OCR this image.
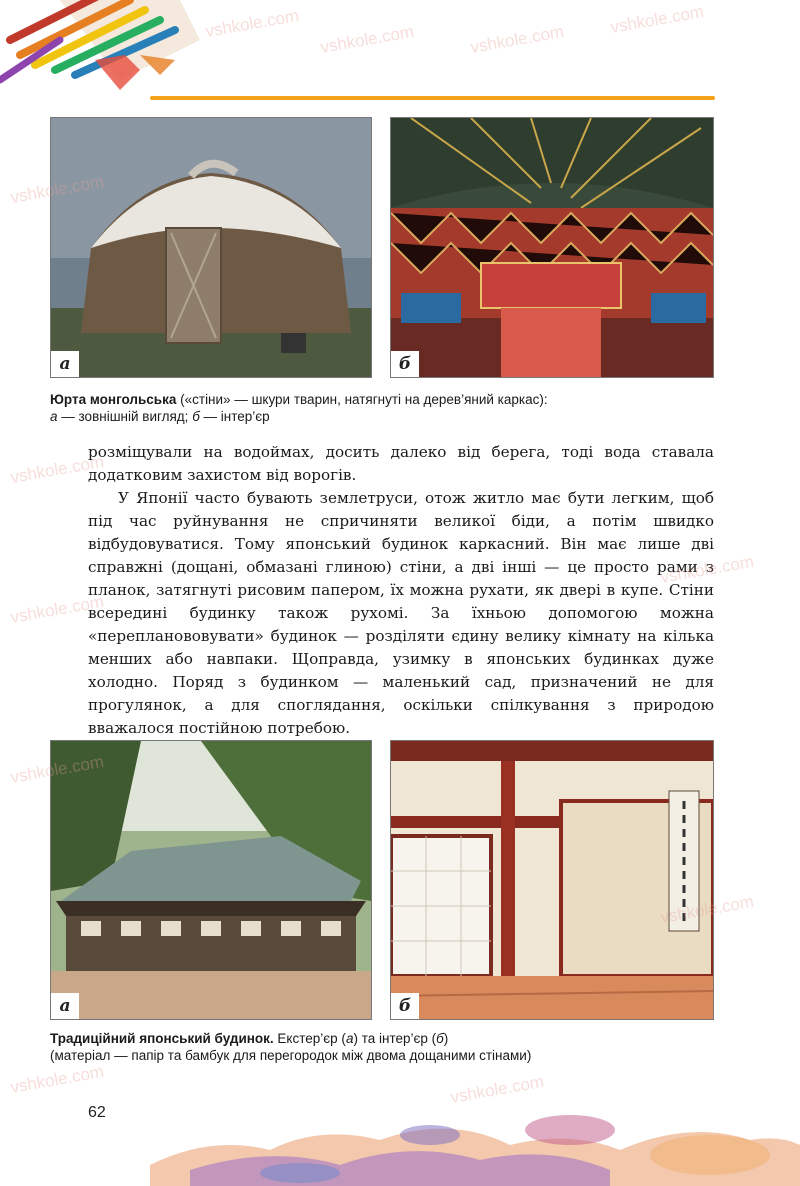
а	б
Юрта монгольська («стіни» — шкури тварин, натягнуті на дерев’яний каркас):
а — зовнішній вигляд; б — інтер’єр

розміщували на водоймах, досить далеко від берега, тоді вода ставала додатковим захистом від ворогів.

У Японії часто бувають землетруси, отож житло має бути легким, щоб під час руйнування не спричиняти великої біди, а потім швидко відбудовуватися. Тому японський будинок каркасний. Він має лише дві справжні (дощані, обмазані глиною) стіни, а дві інші — це просто рами з планок, затягнуті рисовим папером, їх можна рухати, як двері в купе. Стіни всередині будинку також рухомі. За їхньою допомогою можна «перепланововувати» будинок — розділяти єдину велику кімнату на кілька менших або навпаки. Щоправда, узимку в японських будинках дуже холодно. Поряд з будинком — маленький сад, призначений не для прогулянок, а для споглядання, оскільки спілкування з природою вважалося постійною потребою.

а	б
Традиційний японський будинок. Екстер’єр (а) та інтер’єр (б)
(матеріал — папір та бамбук для перегородок між двома дощаними стінами)
62
vshkole.com vshkole.com	vshkole.com
vshkole.com
vshkole.com
vshkole.com
vshkole.com
vshkole.com
vshkole.com
vshkole.com
vshkole.com	vshkole.com
